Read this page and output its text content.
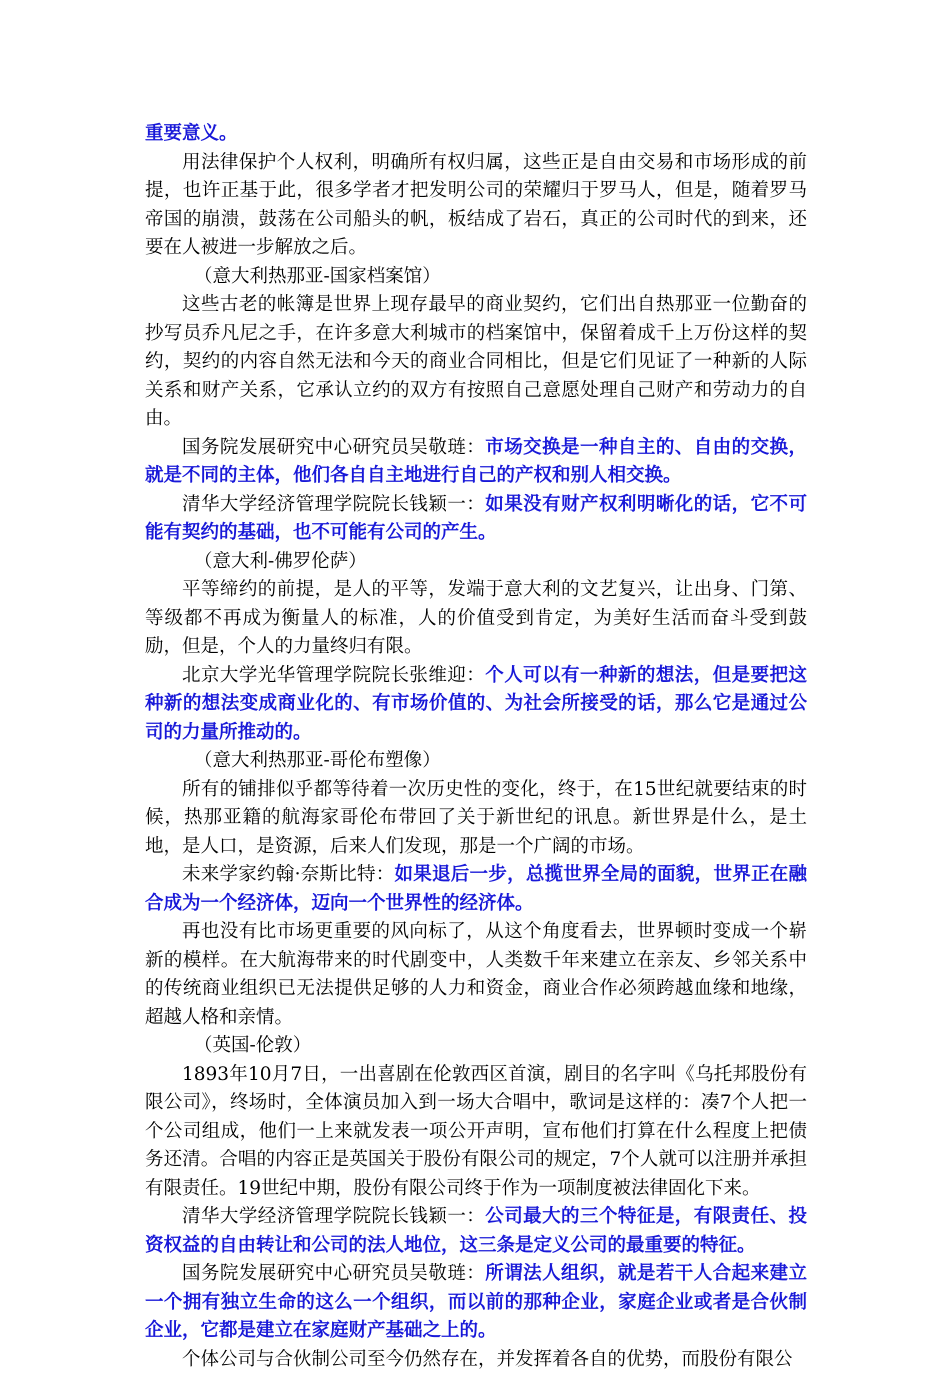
重要意义。

用法律保护个人权利，明确所有权归属，这些正是自由交易和市场形成的前提，也许正基于此，很多学者才把发明公司的荣耀归于罗马人，但是，随着罗马帝国的崩溃，鼓荡在公司船头的帆，板结成了岩石，真正的公司时代的到来，还要在人被进一步解放之后。

（意大利热那亚-国家档案馆）

这些古老的帐簿是世界上现存最早的商业契约，它们出自热那亚一位勤奋的抄写员乔凡尼之手，在许多意大利城市的档案馆中，保留着成千上万份这样的契约，契约的内容自然无法和今天的商业合同相比，但是它们见证了一种新的人际关系和财产关系，它承认立约的双方有按照自己意愿处理自己财产和劳动力的自由。

国务院发展研究中心研究员吴敬琏：市场交换是一种自主的、自由的交换，就是不同的主体，他们各自自主地进行自己的产权和别人相交换。

清华大学经济管理学院院长钱颖一：如果没有财产权利明晰化的话，它不可能有契约的基础，也不可能有公司的产生。

（意大利-佛罗伦萨）

平等缔约的前提，是人的平等，发端于意大利的文艺复兴，让出身、门第、等级都不再成为衡量人的标准，人的价值受到肯定，为美好生活而奋斗受到鼓励，但是，个人的力量终归有限。

北京大学光华管理学院院长张维迎：个人可以有一种新的想法，但是要把这种新的想法变成商业化的、有市场价值的、为社会所接受的话，那么它是通过公司的力量所推动的。

（意大利热那亚-哥伦布塑像）

所有的铺排似乎都等待着一次历史性的变化，终于，在15世纪就要结束的时候，热那亚籍的航海家哥伦布带回了关于新世纪的讯息。新世界是什么，是土地，是人口，是资源，后来人们发现，那是一个广阔的市场。

未来学家约翰·奈斯比特：如果退后一步，总揽世界全局的面貌，世界正在融合成为一个经济体，迈向一个世界性的经济体。

再也没有比市场更重要的风向标了，从这个角度看去，世界顿时变成一个崭新的模样。在大航海带来的时代剧变中，人类数千年来建立在亲友、乡邻关系中的传统商业组织已无法提供足够的人力和资金，商业合作必须跨越血缘和地缘，超越人格和亲情。

（英国-伦敦）

1893年10月7日，一出喜剧在伦敦西区首演，剧目的名字叫《乌托邦股份有限公司》，终场时，全体演员加入到一场大合唱中，歌词是这样的：凑7个人把一个公司组成，他们一上来就发表一项公开声明，宣布他们打算在什么程度上把债务还清。合唱的内容正是英国关于股份有限公司的规定，7个人就可以注册并承担有限责任。19世纪中期，股份有限公司终于作为一项制度被法律固化下来。

清华大学经济管理学院院长钱颖一：公司最大的三个特征是，有限责任、投资权益的自由转让和公司的法人地位，这三条是定义公司的最重要的特征。

国务院发展研究中心研究员吴敬琏：所谓法人组织，就是若干人合起来建立一个拥有独立生命的这么一个组织，而以前的那种企业，家庭企业或者是合伙制企业，它都是建立在家庭财产基础之上的。

个体公司与合伙制公司至今仍然存在，并发挥着各自的优势，而股份有限公
